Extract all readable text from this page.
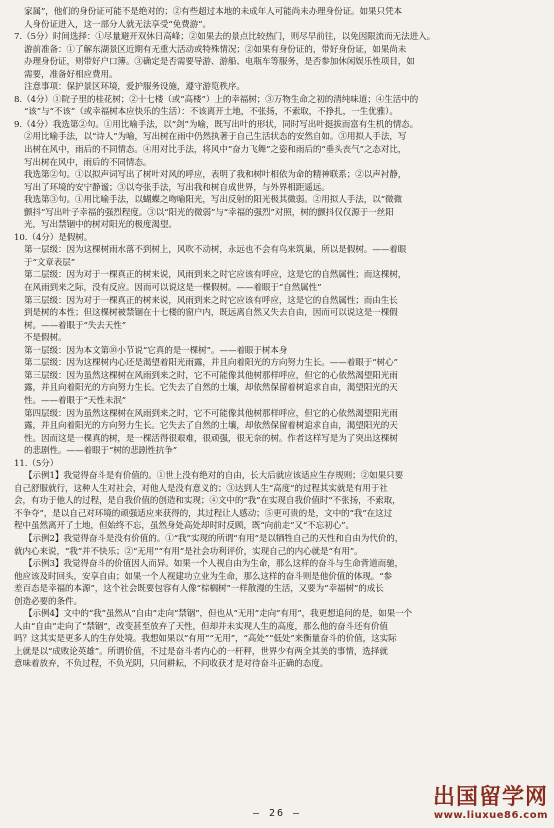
家属”，他们的身份证可能不是绝对的；②有些超过本地的未成年人可能尚未办理身份证。如果只凭本
人身份证进入，这一部分人就无法享受“免费游”。
7.（5分）时间选择：①尽量避开双休日高峰；②如果去的景点比较热门，则尽早前往，以免因限流而无法进入。
游前准备：①了解东湖景区近期有无重大活动或特殊情况；②如果有身份证的，带好身份证，如果尚未
办理身份证，则带好户口簿。③确定是否需要导游、游船、电瓶车等服务，是否参加休闲娱乐性项目，如
需要，准备好相应费用。
注意事项：保护景区环境，爱护服务设施，遵守游览秩序。
8.（4分）①院子里的桂花树；②十七楼（或“高楼”）上的幸福树；③万物生命之初的清纯味道；④生活中的
“该”与“不该”（或幸福树本应快乐的生活）：不该离开土地，不张扬，不索取，不挣扎，一生优雅）。
9.（4分）我选第②句。①用比喻手法，以“剑”为喻，既写出叶的形状，同时写出叶挺拔而富有生机的情态。
②用比喻手法，以“诗人”为喻，写出树在雨中仍然执著于自己生活状态的安然自如。③用拟人手法，写
出树在风中，雨后的不同情态。④用对比手法，将风中“奋力飞舞”之姿和雨后的“垂头丧气”之态对比，
写出树在风中，雨后的不同情态。
我选第②句。①以拟声词写出了树叶对风的呼应，表明了我和树叶相依为命的精神联系；②以声衬静，
写出了环境的安宁静谧；③以夸张手法，写出我和树自成世界，与外界相距遥远。
我选第③句。①用比喻手法，以蝴蝶之吻喻阳光，写出反射的阳光极其微弱。②用拟人手法，以“微微
颤抖”写出叶子幸福的强烈程度。③以“阳光的微弱”与“幸福的强烈”对照，树的颤抖仅仅源于一丝阳
光，写出禁锢中的树对阳光的极度渴望。
10.（4分）是假树。
第一层级：因为这棵树雨水落不到树上，风吹不动树，永远也不会有鸟来筑巢，所以是假树。——着眼
于“文章表层”
第二层级：因为对于一棵真正的树来说，风雨到来之时它应该有呼应，这是它的自然属性；而这棵树，
在风雨到来之际，没有反应。因而可以说这是一棵假树。——着眼于“自然属性”
第三层级：因为对于一棵真正的树来说，风雨到来之时它应该有呼应，这是它的自然属性；而由生长
到是树的本性；但这棵树被禁锢在十七楼的窗户内，既远离自然又失去自由，因而可以说这是一棵假
树。——着眼于“失去天性”
不是假树。
第一层级：因为本文第⑩小节说“它真的是一棵树”。——着眼于树本身
第二层级：因为这棵树内心还是渴望着阳光雨露，并且向着阳光的方向努力生长。——着眼于“树心”
第三层级：因为虽然这棵树在风雨到来之时，它不可能像其他树那样呼应，但它的心依然渴望阳光雨
露，并且向着阳光的方向努力生长。它失去了自然的土壤，却依然保留着树追求自由，渴望阳光的天
性。——着眼于“天性未泯”
第四层级：因为虽然这棵树在风雨到来之时，它不可能像其他树那样呼应，但它的心依然渴望阳光雨
露，并且向着阳光的方向努力生长。它失去了自然的土壤，却依然保留着树追求自由，渴望阳光的天
性。因而这是一棵真的树，是一棵活得很艰难，很顽强，很无奈的树。作者这样写是为了突出这棵树
的悲剧性。——着眼于“树的悲剧性抗争”
11.（5分）
【示例1】我觉得奋斗是有价值的。①世上没有绝对的自由，长大后就应该适应生存规则；②如果只要
自己舒服就行，这种人生对社会，对他人是没有意义的；③达到人生“高度”的过程其实就是有用于社
会，有功于他人的过程，是自我价值的创造和实现；④文中的“我”在实现自我价值时“不张扬，不索取，
不争夺”，是以自己对环境的顽强适应来获得的，其过程让人感动；⑤更可贵的是，文中的“我”在这过
程中虽然离开了土地，但始终不忘，虽然身处高处却时时反顾，既“向前走”又“不忘初心”。
【示例2】我觉得奋斗是没有价值的。①“我”实现的所谓“有用”是以牺牲自己的天性和自由为代价的，
就内心来说，“我”并不快乐；②“无用”“有用”是社会功利评价，实现自己的内心就是“有用”。
【示例3】我觉得奋斗的价值因人而异。如果一个人视自由为生命，那么这样的奋斗与生命背道而驰，
他应该及时回头，安享自由；如果一个人视建功立业为生命，那么这样的奋斗则是他价值的体现。“参
差百态是幸福的本源”，这个社会既要包容有人像“棕榈树”一样散漫的生活，又要为“幸福树”的成长
创造必要的条件。
【示例4】文中的“我”虽然从“自由”走向“禁锢”，但也从“无用”走向“有用”，我更想追问的是，如果一个
人由“自由”走向了“禁锢”，改变甚至放弃了天性，但却并未实现人生的高度，那么他的奋斗还有价值
吗？这其实是更多人的生存处境。我想如果以“有用”“无用”，“高处”“低处”来衡量奋斗的价值，这实际
上就是以“成败论英雄”。所谓价值，不过是奋斗者内心的一杆秤，世界少有两全其美的事情，选择就
意味着放弃，不负过程，不负光阴，只问耕耘，不问收获才是对待奋斗正确的态度。
— 26 —
出国留学网
www.liuxue86.com
